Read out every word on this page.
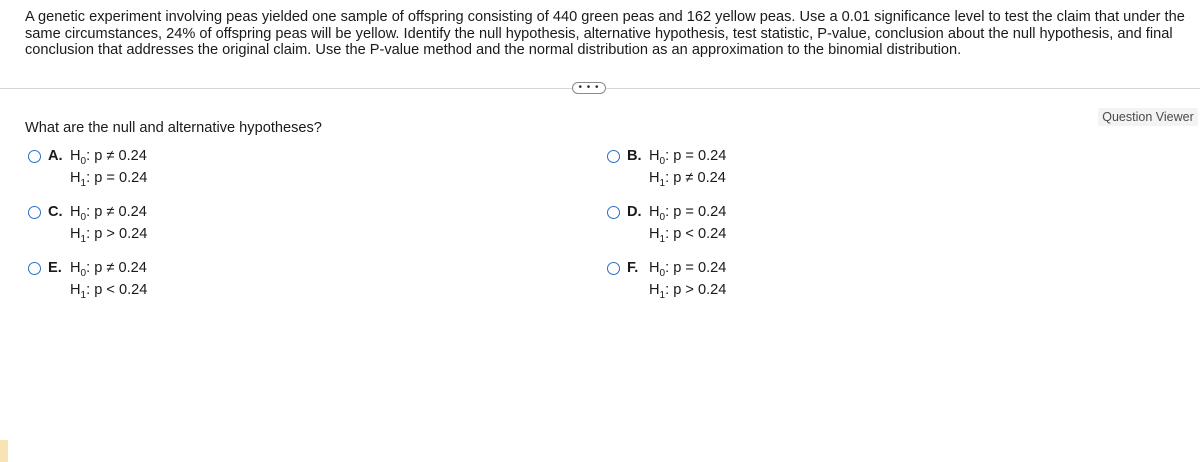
A genetic experiment involving peas yielded one sample of offspring consisting of 440 green peas and 162 yellow peas. Use a 0.01 significance level to test the claim that under the same circumstances, 24% of offspring peas will be yellow. Identify the null hypothesis, alternative hypothesis, test statistic, P-value, conclusion about the null hypothesis, and final conclusion that addresses the original claim. Use the P-value method and the normal distribution as an approximation to the binomial distribution.

• • •
Question Viewer
What are the null and alternative hypotheses?
A. $H_0$: p ≠ 0.24
$H_1$: p = 0.24
B. $H_0$: p = 0.24
$H_1$: p ≠ 0.24
C. $H_0$: p ≠ 0.24
$H_1$: p > 0.24
D. $H_0$: p = 0.24
$H_1$: p < 0.24
E. $H_0$: p ≠ 0.24
$H_1$: p < 0.24
F. $H_0$: p = 0.24
$H_1$: p > 0.24
